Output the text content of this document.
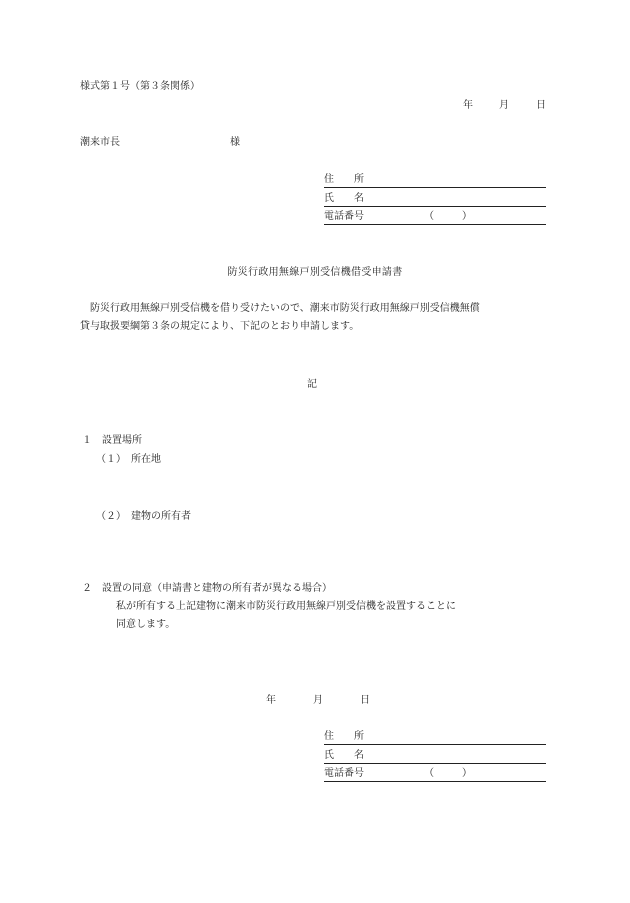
様式第１号（第３条関係）
年	月	日
潮来市長	様
住　　所
氏　　名
電話番号	（	）
防災行政用無線戸別受信機借受申請書
防災行政用無線戸別受信機を借り受けたいので、潮来市防災行政用無線戸別受信機無償
貸与取扱要綱第３条の規定により、下記のとおり申請します。
記
１　設置場所
（１）　所在地
（２）　建物の所有者
２　設置の同意（申請書と建物の所有者が異なる場合）
私が所有する上記建物に潮来市防災行政用無線戸別受信機を設置することに
同意します。
年	月	日
住　　所
氏　　名
電話番号	（	）
